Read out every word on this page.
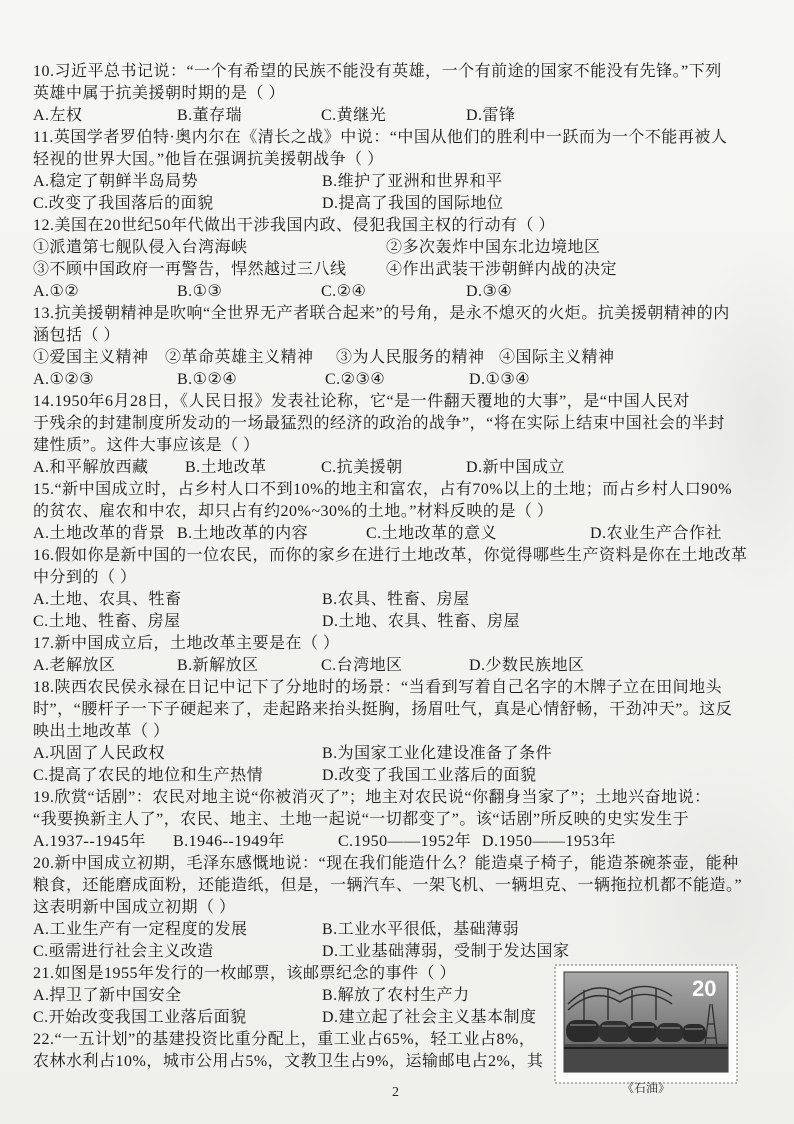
10.习近平总书记说：“一个有希望的民族不能没有英雄，一个有前途的国家不能没有先锋。”下列
英雄中属于抗美援朝时期的是（ ）
A.左权	B.董存瑞	C.黄继光	D.雷锋
11.英国学者罗伯特·奥内尔在《清长之战》中说：“中国从他们的胜利中一跃而为一个不能再被人
轻视的世界大国。”他旨在强调抗美援朝战争（ ）
A.稳定了朝鲜半岛局势	B.维护了亚洲和世界和平
C.改变了我国落后的面貌	D.提高了我国的国际地位
12.美国在20世纪50年代做出干涉我国内政、侵犯我国主权的行动有（ ）
①派遣第七舰队侵入台湾海峡	②多次轰炸中国东北边境地区
③不顾中国政府一再警告，悍然越过三八线 ④作出武装干涉朝鲜内战的决定
A.①②	B.①③	C.②④	D.③④
13.抗美援朝精神是吹响“全世界无产者联合起来”的号角，是永不熄灭的火炬。抗美援朝精神的内
涵包括（ ）
①爱国主义精神 ②革命英雄主义精神 ③为人民服务的精神 ④国际主义精神
A.①②③	B.①②④	C.②③④	D.①③④
14.1950年6月28日，《人民日报》发表社论称，它“是一件翻天覆地的大事”，是“中国人民对
于残余的封建制度所发动的一场最猛烈的经济的政治的战争”，“将在实际上结束中国社会的半封
建性质”。这件大事应该是（ ）
A.和平解放西藏 B.土地改革	C.抗美援朝	D.新中国成立
15.“新中国成立时，占乡村人口不到10%的地主和富农，占有70%以上的土地；而占乡村人口90%
的贫农、雇农和中农，却只占有约20%~30%的土地。”材料反映的是（ ）
A.土地改革的背景 B.土地改革的内容	C.土地改革的意义	D.农业生产合作社
16.假如你是新中国的一位农民，而你的家乡在进行土地改革，你觉得哪些生产资料是你在土地改革
中分到的（ ）
A.土地、农具、牲畜	B.农具、牲畜、房屋
C.土地、牲畜、房屋	D.土地、农具、牲畜、房屋
17.新中国成立后，土地改革主要是在（ ）
A.老解放区	B.新解放区	C.台湾地区	D.少数民族地区
18.陕西农民侯永禄在日记中记下了分地时的场景：“当看到写着自己名字的木牌子立在田间地头
时”，“腰杆子一下子硬起来了，走起路来抬头挺胸，扬眉吐气，真是心情舒畅，干劲冲天”。这反
映出土地改革（ ）
A.巩固了人民政权	B.为国家工业化建设准备了条件
C.提高了农民的地位和生产热情	D.改变了我国工业落后的面貌
19.欣赏“话剧”：农民对地主说“你被消灭了”；地主对农民说“你翻身当家了”；土地兴奋地说：
“我要换新主人了”，农民、地主、土地一起说“一切都变了”。该“话剧”所反映的史实发生于
A.1937--1945年 B.1946--1949年	C.1950——1952年 D.1950——1953年
20.新中国成立初期，毛泽东感慨地说：“现在我们能造什么？能造桌子椅子，能造茶碗茶壶，能种
粮食，还能磨成面粉，还能造纸，但是，一辆汽车、一架飞机、一辆坦克、一辆拖拉机都不能造。”
这表明新中国成立初期（ ）
A.工业生产有一定程度的发展	B.工业水平很低，基础薄弱
C.亟需进行社会主义改造	D.工业基础薄弱，受制于发达国家
21.如图是1955年发行的一枚邮票，该邮票纪念的事件（ ）
A.捍卫了新中国安全	B.解放了农村生产力
C.开始改变我国工业落后面貌	D.建立起了社会主义基本制度
22.“一五计划”的基建投资比重分配上，重工业占65%，轻工业占8%，
农林水利占10%，城市公用占5%，文教卫生占9%，运输邮电占2%，其
20
《石油》
2
